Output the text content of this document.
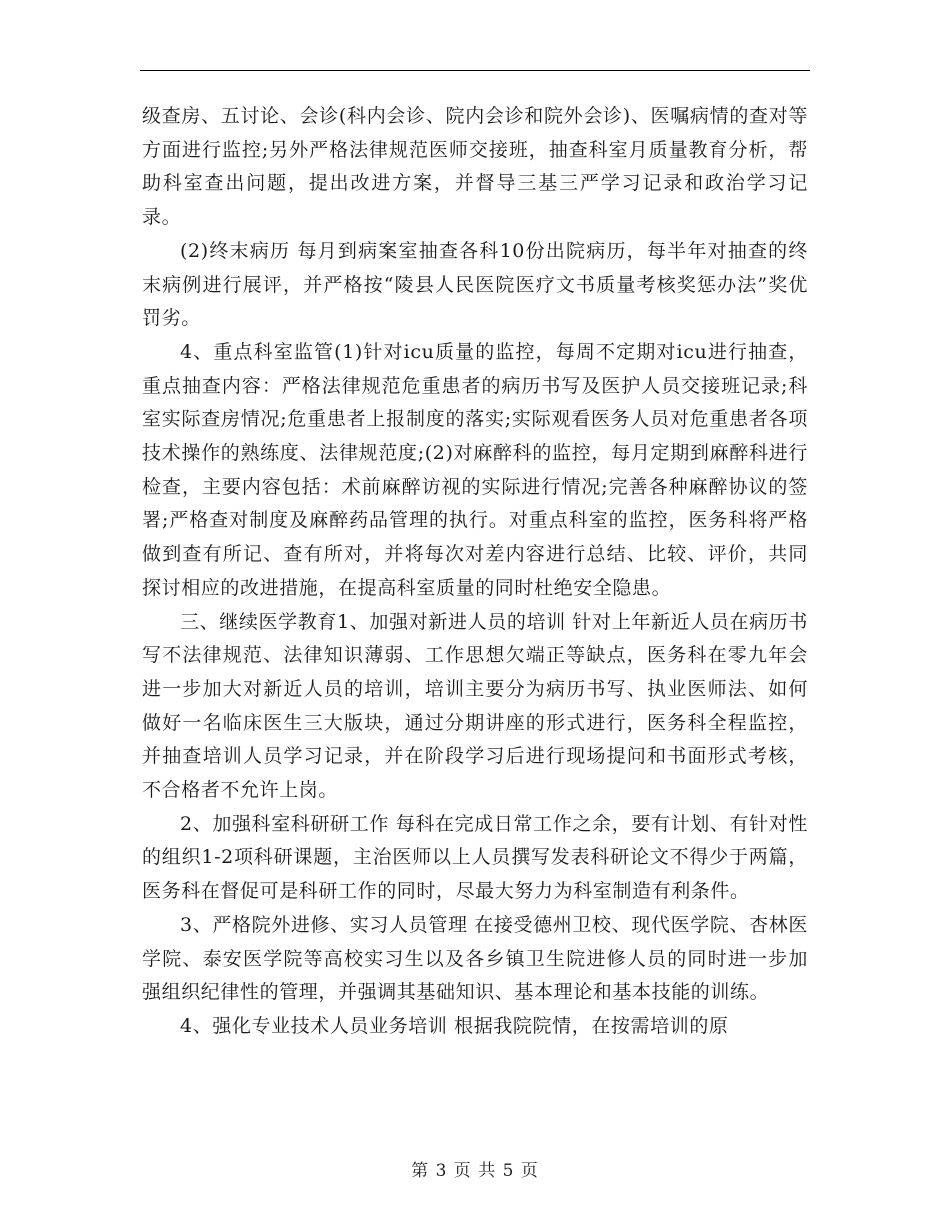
级查房、五讨论、会诊(科内会诊、院内会诊和院外会诊)、医嘱病情的查对等方面进行监控;另外严格法律规范医师交接班，抽查科室月质量教育分析，帮助科室查出问题，提出改进方案，并督导三基三严学习记录和政治学习记录。

(2)终末病历 每月到病案室抽查各科10份出院病历，每半年对抽查的终末病例进行展评，并严格按“陵县人民医院医疗文书质量考核奖惩办法”奖优罚劣。

4、重点科室监管(1)针对icu质量的监控，每周不定期对icu进行抽查，重点抽查内容：严格法律规范危重患者的病历书写及医护人员交接班记录;科室实际查房情况;危重患者上报制度的落实;实际观看医务人员对危重患者各项技术操作的熟练度、法律规范度;(2)对麻醉科的监控，每月定期到麻醉科进行检查，主要内容包括：术前麻醉访视的实际进行情况;完善各种麻醉协议的签署;严格查对制度及麻醉药品管理的执行。对重点科室的监控，医务科将严格做到查有所记、查有所对，并将每次对差内容进行总结、比较、评价，共同探讨相应的改进措施，在提高科室质量的同时杜绝安全隐患。

三、继续医学教育1、加强对新进人员的培训 针对上年新近人员在病历书写不法律规范、法律知识薄弱、工作思想欠端正等缺点，医务科在零九年会进一步加大对新近人员的培训，培训主要分为病历书写、执业医师法、如何做好一名临床医生三大版块，通过分期讲座的形式进行，医务科全程监控，并抽查培训人员学习记录，并在阶段学习后进行现场提问和书面形式考核，不合格者不允许上岗。

2、加强科室科研研工作 每科在完成日常工作之余，要有计划、有针对性的组织1-2项科研课题，主治医师以上人员撰写发表科研论文不得少于两篇，医务科在督促可是科研工作的同时，尽最大努力为科室制造有利条件。

3、严格院外进修、实习人员管理 在接受德州卫校、现代医学院、杏林医学院、泰安医学院等高校实习生以及各乡镇卫生院进修人员的同时进一步加强组织纪律性的管理，并强调其基础知识、基本理论和基本技能的训练。

4、强化专业技术人员业务培训 根据我院院情，在按需培训的原

第 3 页 共 5 页
